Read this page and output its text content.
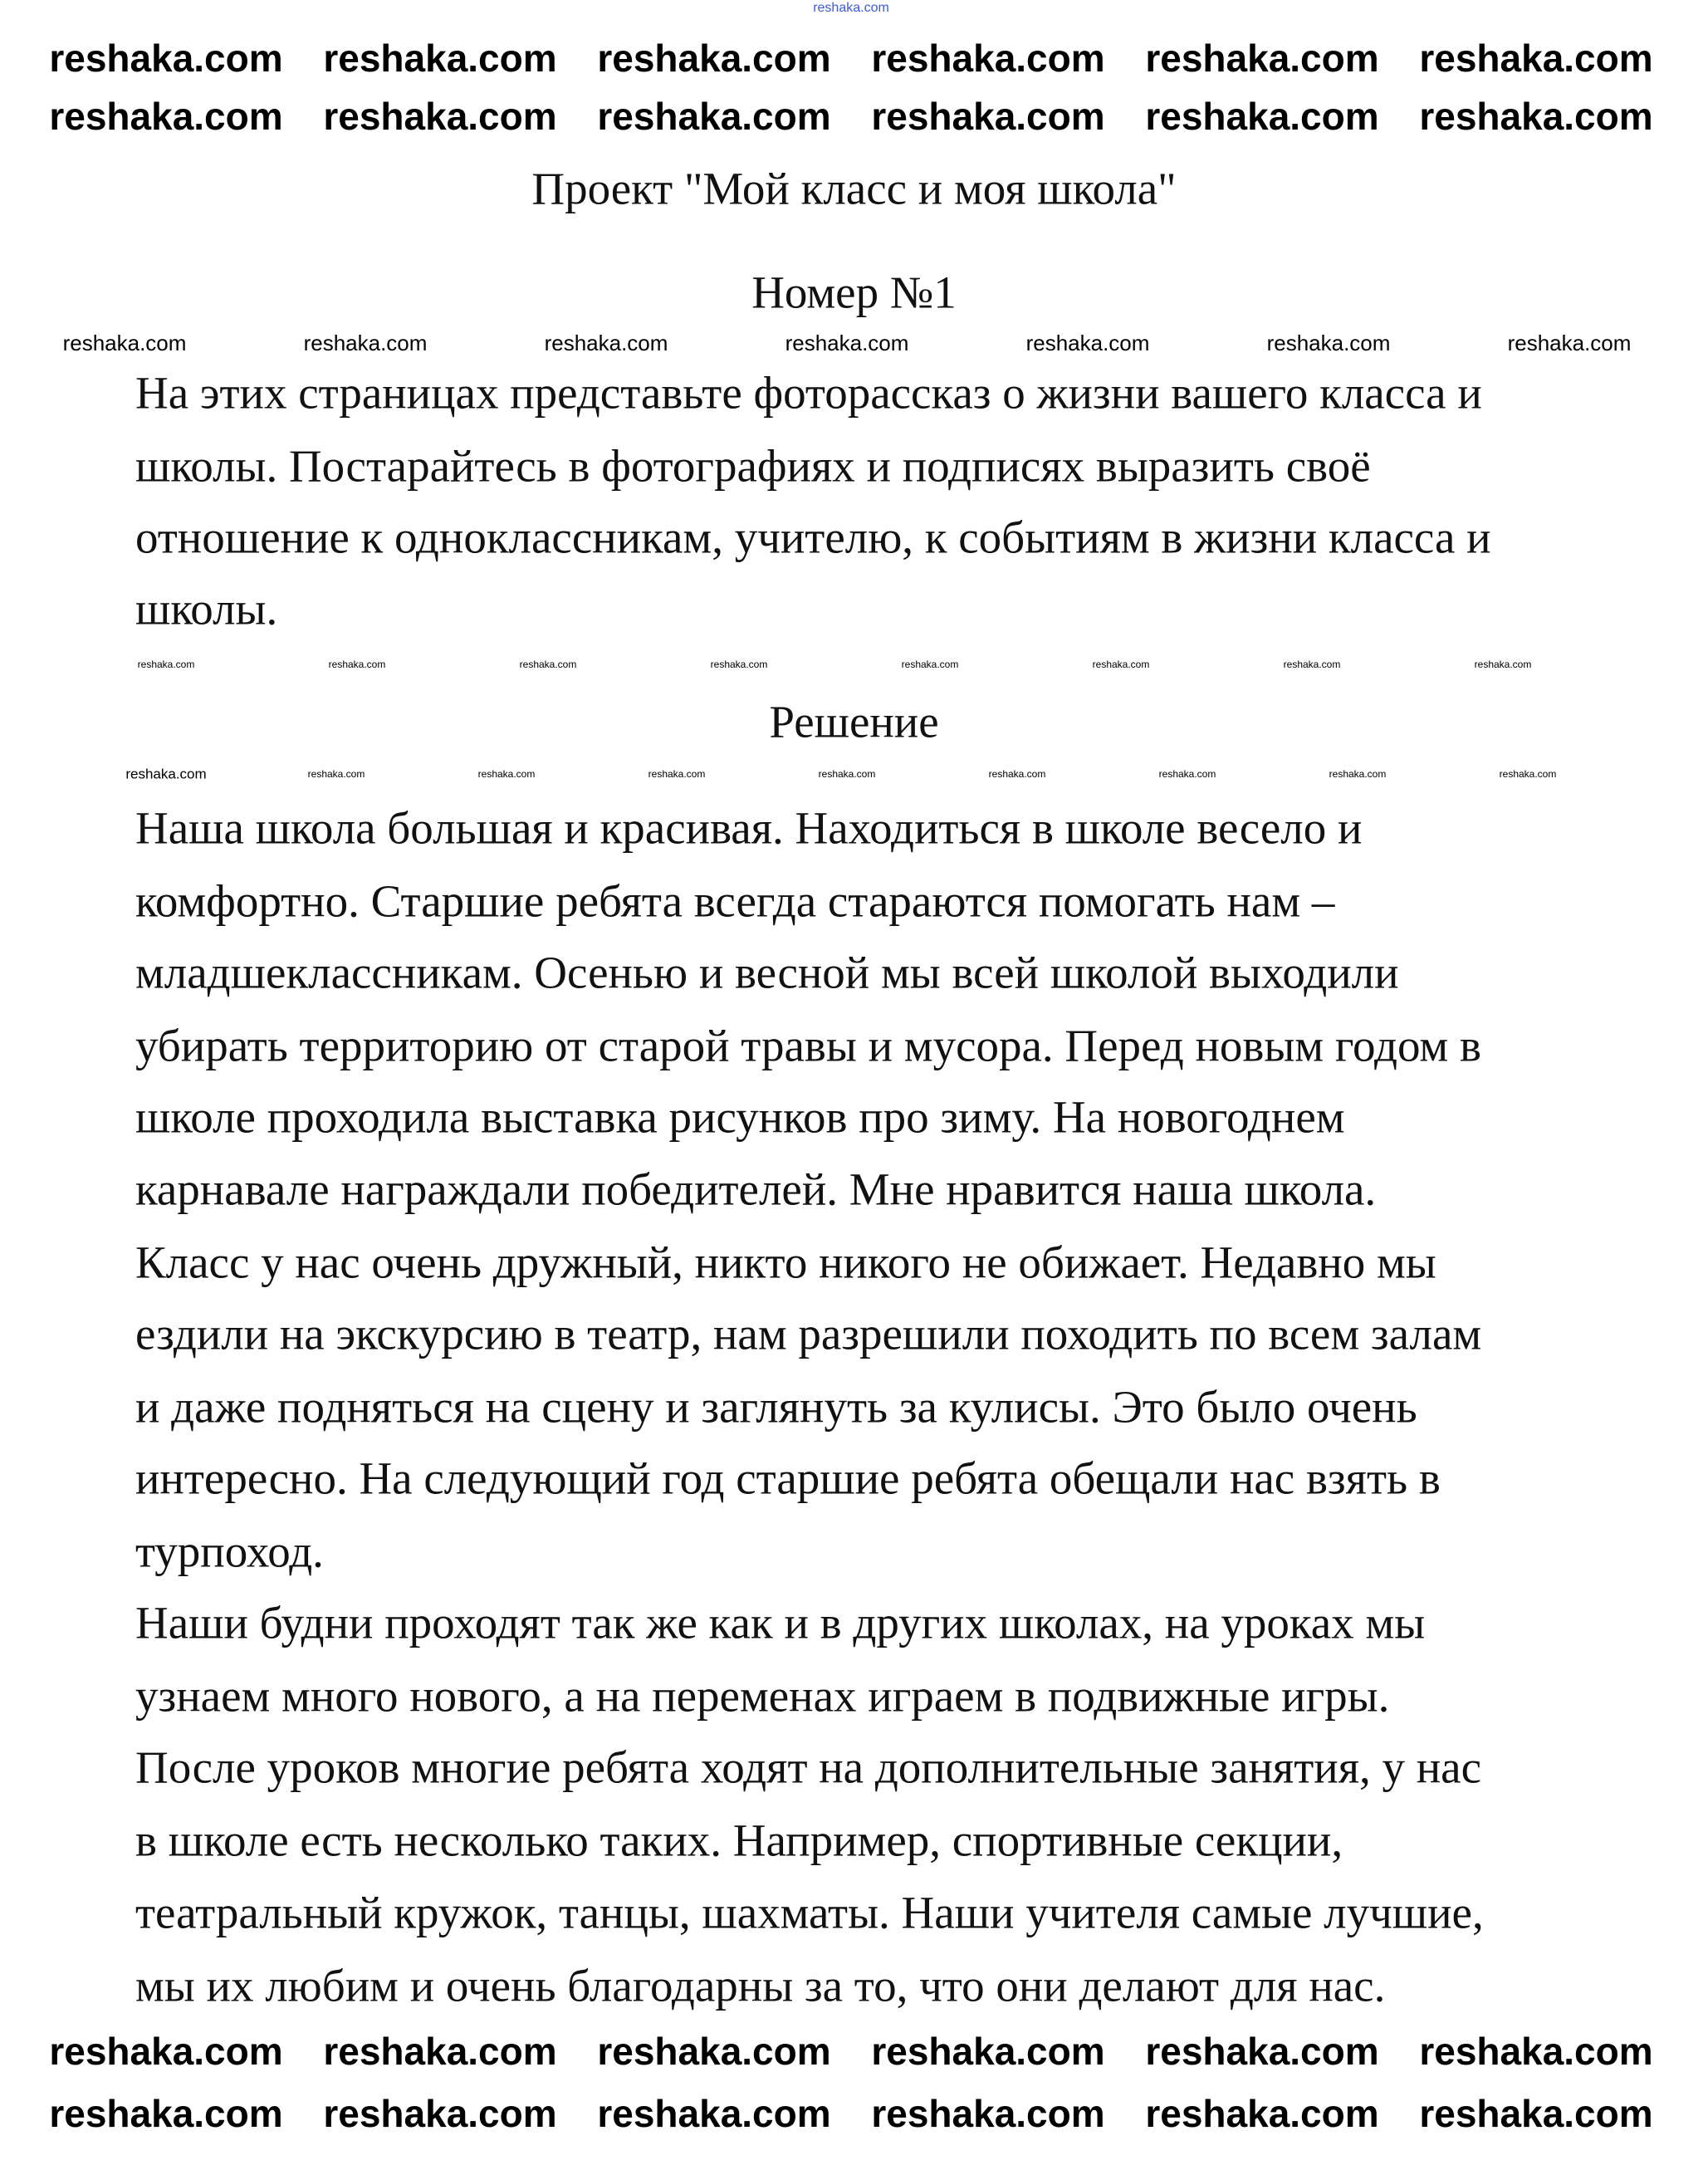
Проект "Мой класс и моя школа"
Номер №1
На этих страницах представьте фоторассказ о жизни вашего класса и
школы. Постарайтесь в фотографиях и подписях выразить своё
отношение к одноклассникам, учителю, к событиям в жизни класса и
школы.
Решение
Наша школа большая и красивая. Находиться в школе весело и
комфортно. Старшие ребята всегда стараются помогать нам –
младшеклассникам. Осенью и весной мы всей школой выходили
убирать территорию от старой травы и мусора. Перед новым годом в
школе проходила выставка рисунков про зиму. На новогоднем
карнавале награждали победителей. Мне нравится наша школа.
Класс у нас очень дружный, никто никого не обижает. Недавно мы
ездили на экскурсию в театр, нам разрешили походить по всем залам
и даже подняться на сцену и заглянуть за кулисы. Это было очень
интересно. На следующий год старшие ребята обещали нас взять в
турпоход.
Наши будни проходят так же как и в других школах, на уроках мы
узнаем много нового, а на переменах играем в подвижные игры.
После уроков многие ребята ходят на дополнительные занятия, у нас
в школе есть несколько таких. Например, спортивные секции,
театральный кружок, танцы, шахматы. Наши учителя самые лучшие,
мы их любим и очень благодарны за то, что они делают для нас.
reshaka.com
reshaka.com reshaka.com reshaka.com reshaka.com reshaka.com reshaka.com
reshaka.com reshaka.com reshaka.com reshaka.com reshaka.com reshaka.com
reshaka.com reshaka.com reshaka.com reshaka.com reshaka.com reshaka.com
reshaka.com reshaka.com reshaka.com reshaka.com reshaka.com reshaka.com
reshaka.com	reshaka.com	reshaka.com	reshaka.com	reshaka.com	reshaka.com	reshaka.com
reshaka.com	reshaka.com	reshaka.com	reshaka.com	reshaka.com	reshaka.com	reshaka.com	reshaka.com
reshaka.com	reshaka.com	reshaka.com	reshaka.com	reshaka.com	reshaka.com	reshaka.com	reshaka.com	reshaka.com
